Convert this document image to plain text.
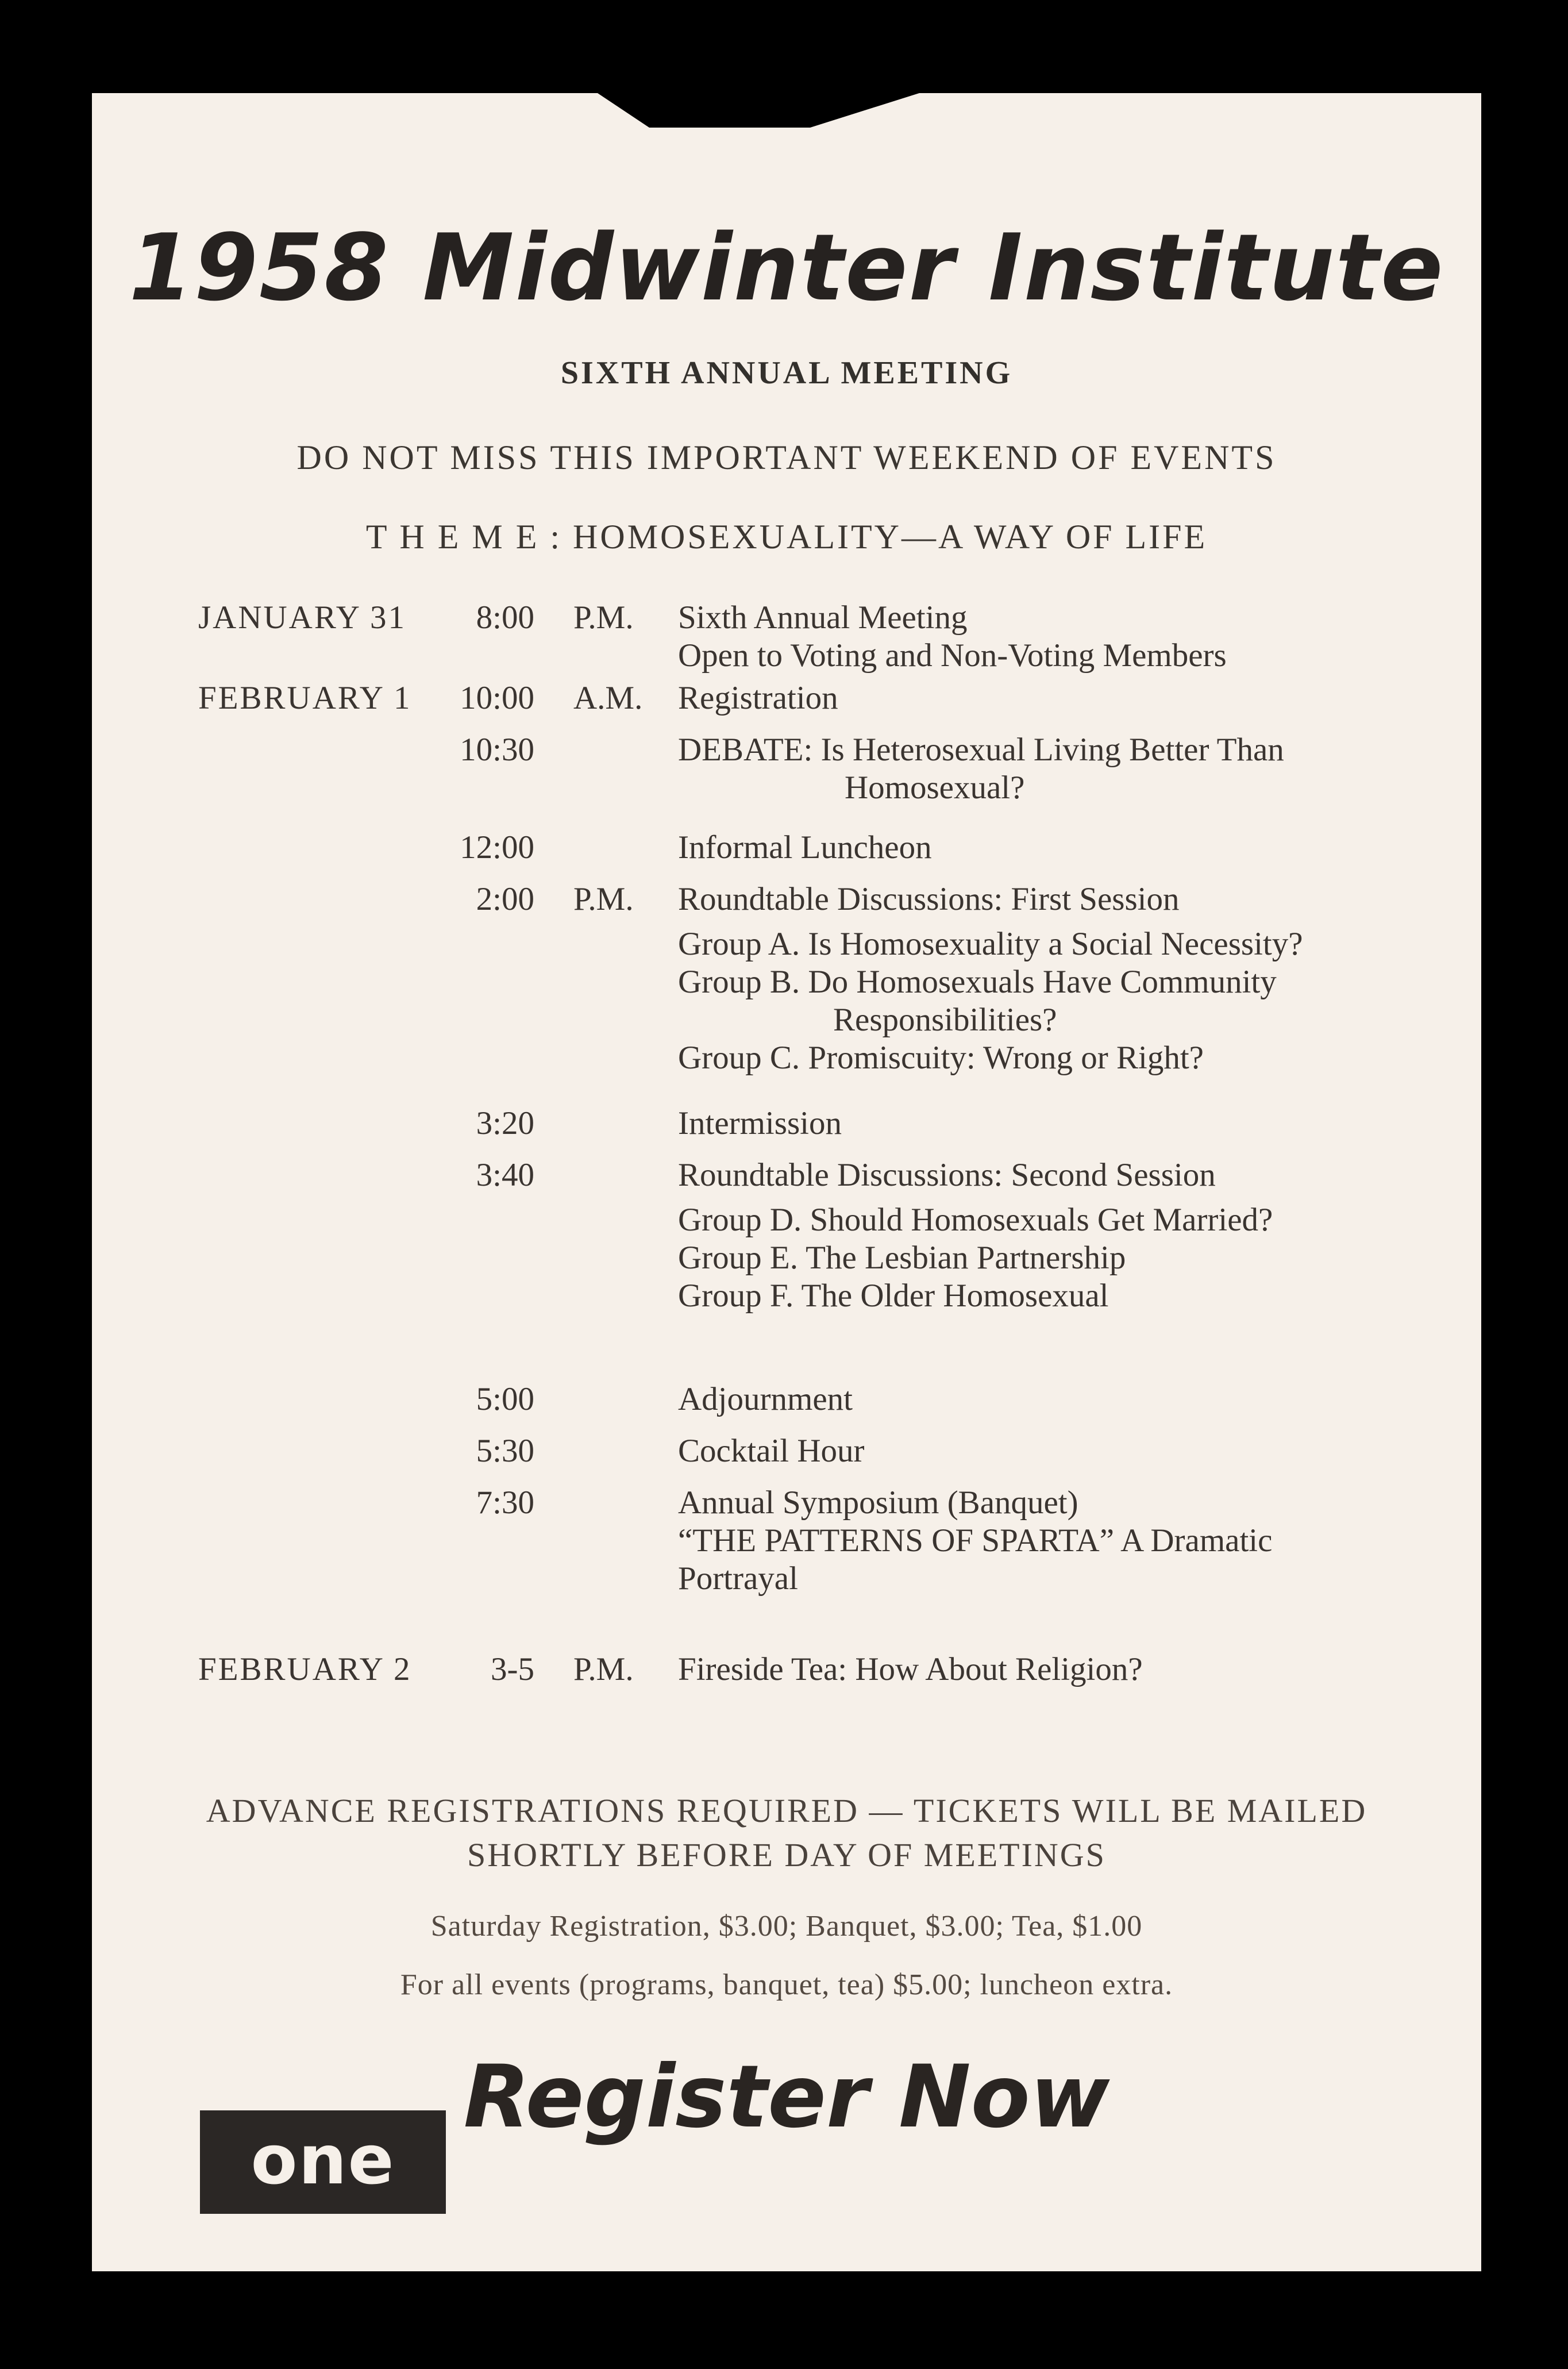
1958 Midwinter Institute
SIXTH ANNUAL MEETING
DO NOT MISS THIS IMPORTANT WEEKEND OF EVENTS
T H E M E : HOMOSEXUALITY—A WAY OF LIFE
JANUARY 31	8:00 P.M. Sixth Annual Meeting
Open to Voting and Non-Voting Members
FEBRUARY 1	10:00 A.M. Registration
10:30	DEBATE: Is Heterosexual Living Better Than
Homosexual?
12:00	Informal Luncheon
2:00 P.M. Roundtable Discussions: First Session
Group A. Is Homosexuality a Social Necessity?
Group B. Do Homosexuals Have Community
Responsibilities?
Group C. Promiscuity: Wrong or Right?
3:20	Intermission
3:40	Roundtable Discussions: Second Session
Group D. Should Homosexuals Get Married?
Group E. The Lesbian Partnership
Group F. The Older Homosexual
5:00	Adjournment
5:30	Cocktail Hour
7:30	Annual Symposium (Banquet)
“THE PATTERNS OF SPARTA” A Dramatic
Portrayal
FEBRUARY 2	3-5 P.M. Fireside Tea: How About Religion?
ADVANCE REGISTRATIONS REQUIRED — TICKETS WILL BE MAILED
SHORTLY BEFORE DAY OF MEETINGS
Saturday Registration, $3.00; Banquet, $3.00; Tea, $1.00
For all events (programs, banquet, tea) $5.00; luncheon extra.
Register Now
one
